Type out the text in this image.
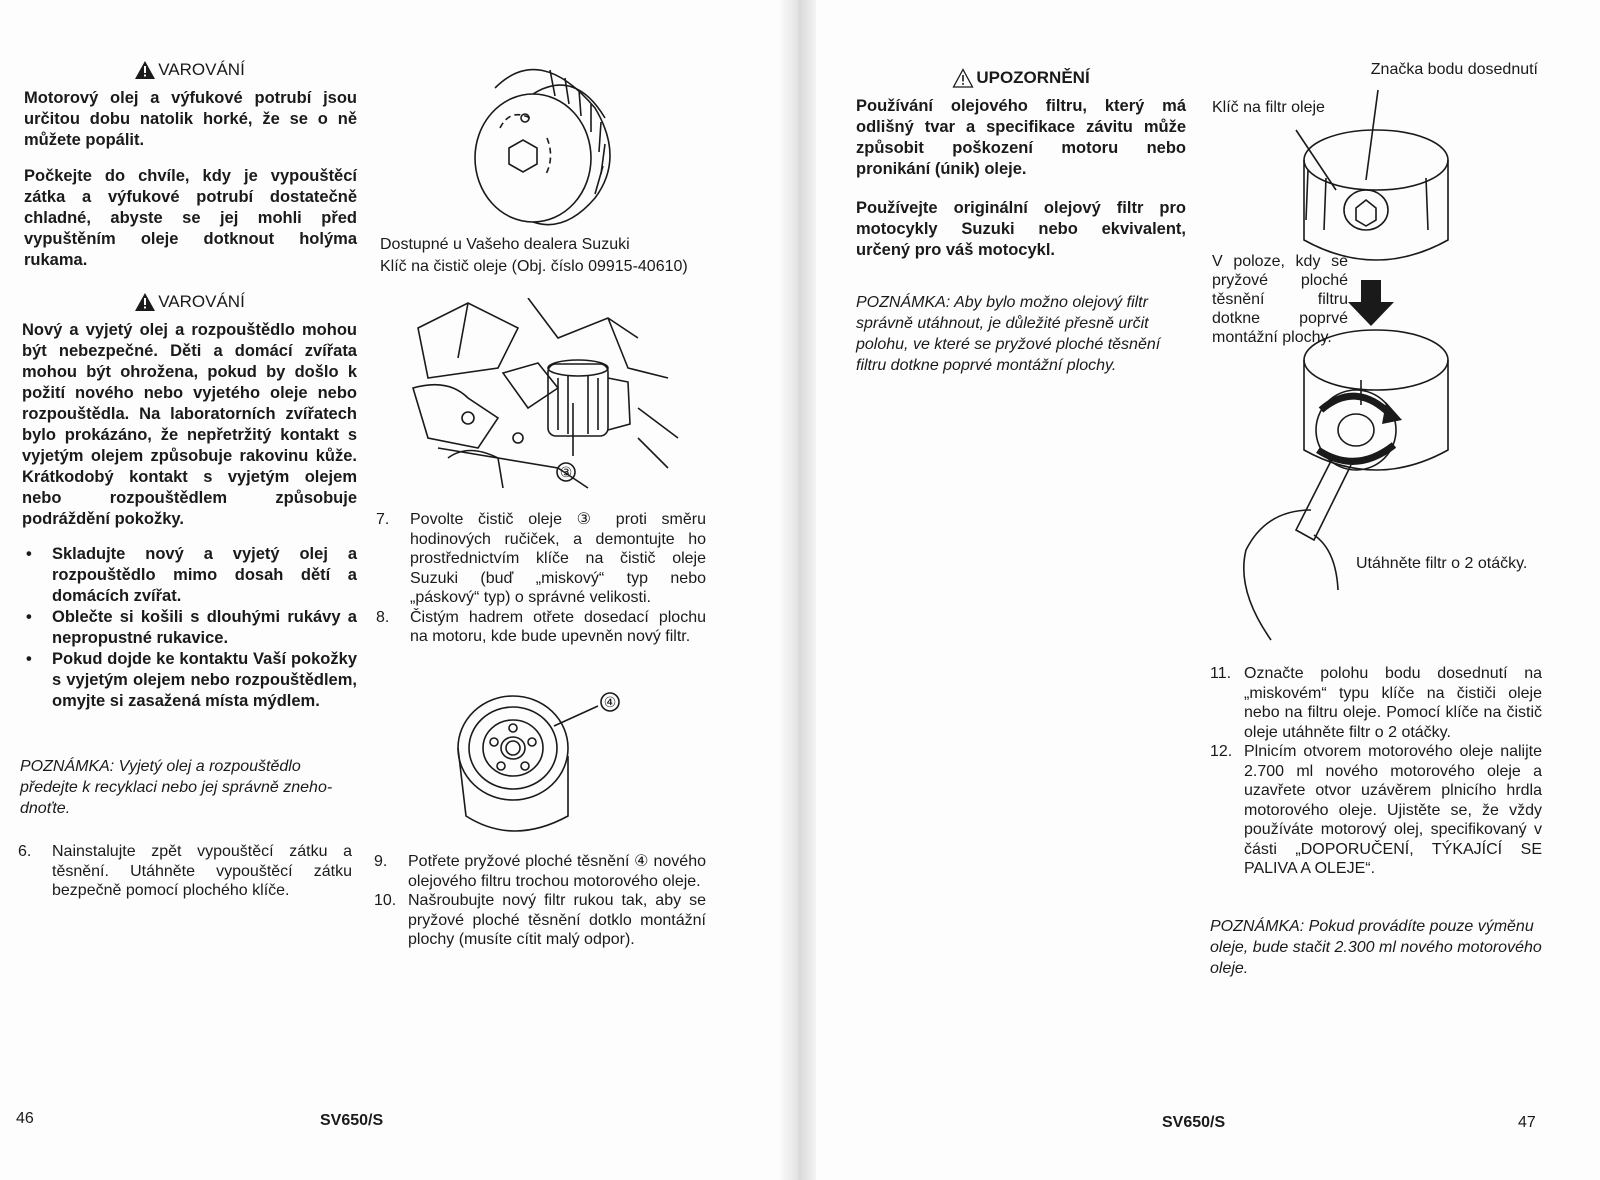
VAROVÁNÍ
Motorový olej a výfukové potrubí jsou určitou dobu natolik horké, že se o ně můžete popálit.
Počkejte do chvíle, kdy je vypouštěcí zátka a výfukové potrubí dostatečně chladné, abyste se jej mohli před vypuštěním oleje dotknout holýma rukama.
VAROVÁNÍ
Nový a vyjetý olej a rozpouštědlo mohou být nebezpečné. Děti a domácí zvířata mohou být ohrožena, pokud by došlo k požití nového nebo vyjetého oleje nebo rozpouštědla. Na laboratorních zvířatech bylo prokázáno, že nepřetržitý kontakt s vyjetým olejem způsobuje rakovinu kůže. Krátkodobý kontakt s vyjetým olejem nebo rozpouštědlem způsobuje podráždění pokožky.
• Skladujte nový a vyjetý olej a rozpouštědlo mimo dosah dětí a domácích zvířat.
• Oblečte si košili s dlouhými rukávy a nepropustné rukavice.
• Pokud dojde ke kontaktu Vaší pokožky s vyjetým olejem nebo rozpouštědlem, omyjte si zasažená místa mýdlem.
POZNÁMKA: Vyjetý olej a rozpouštědlo předejte k recyklaci nebo jej správně znehodnoťte.
6. Nainstalujte zpět vypouštěcí zátku a těsnění. Utáhněte vypouštěcí zátku bezpečně pomocí plochého klíče.
46	SV650/S
Dostupné u Vašeho dealera Suzuki
Klíč na čistič oleje (Obj. číslo 09915-40610)
③
7. Povolte čistič oleje ③ proti směru hodinových ručiček, a demontujte ho prostřednictvím klíče na čistič oleje Suzuki (buď „miskový“ typ nebo „páskový“ typ) o správné velikosti.
8. Čistým hadrem otřete dosedací plochu na motoru, kde bude upevněn nový filtr.
④
9. Potřete pryžové ploché těsnění ④ nového olejového filtru trochou motorového oleje.
10. Našroubujte nový filtr rukou tak, aby se pryžové ploché těsnění dotklo montážní plochy (musíte cítit malý odpor).
UPOZORNĚNÍ
Používání olejového filtru, který má odlišný tvar a specifikace závitu může způsobit poškození motoru nebo pronikání (únik) oleje.
Používejte originální olejový filtr pro motocykly Suzuki nebo ekvivalent, určený pro váš motocykl.
POZNÁMKA: Aby bylo možno olejový filtr správně utáhnout, je důležité přesně určit polohu, ve které se pryžové ploché těsnění filtru dotkne poprvé montážní plochy.
Značka bodu dosednutí
Klíč na filtr oleje
V poloze, kdy se pryžové ploché těsnění filtru dotkne poprvé montážní plochy.
Utáhněte filtr o 2 otáčky.
11. Označte polohu bodu dosednutí na „miskovém“ typu klíče na čističi oleje nebo na filtru oleje. Pomocí klíče na čistič oleje utáhněte filtr o 2 otáčky.
12. Plnicím otvorem motorového oleje nalijte 2.700 ml nového motorového oleje a uzavřete otvor uzávěrem plnicího hrdla motorového oleje. Ujistěte se, že vždy používáte motorový olej, specifikovaný v části „DOPORUČENÍ, TÝKAJÍCÍ SE PALIVA A OLEJE“.
POZNÁMKA: Pokud provádíte pouze výměnu oleje, bude stačit 2.300 ml nového motorového oleje.
SV650/S	47
